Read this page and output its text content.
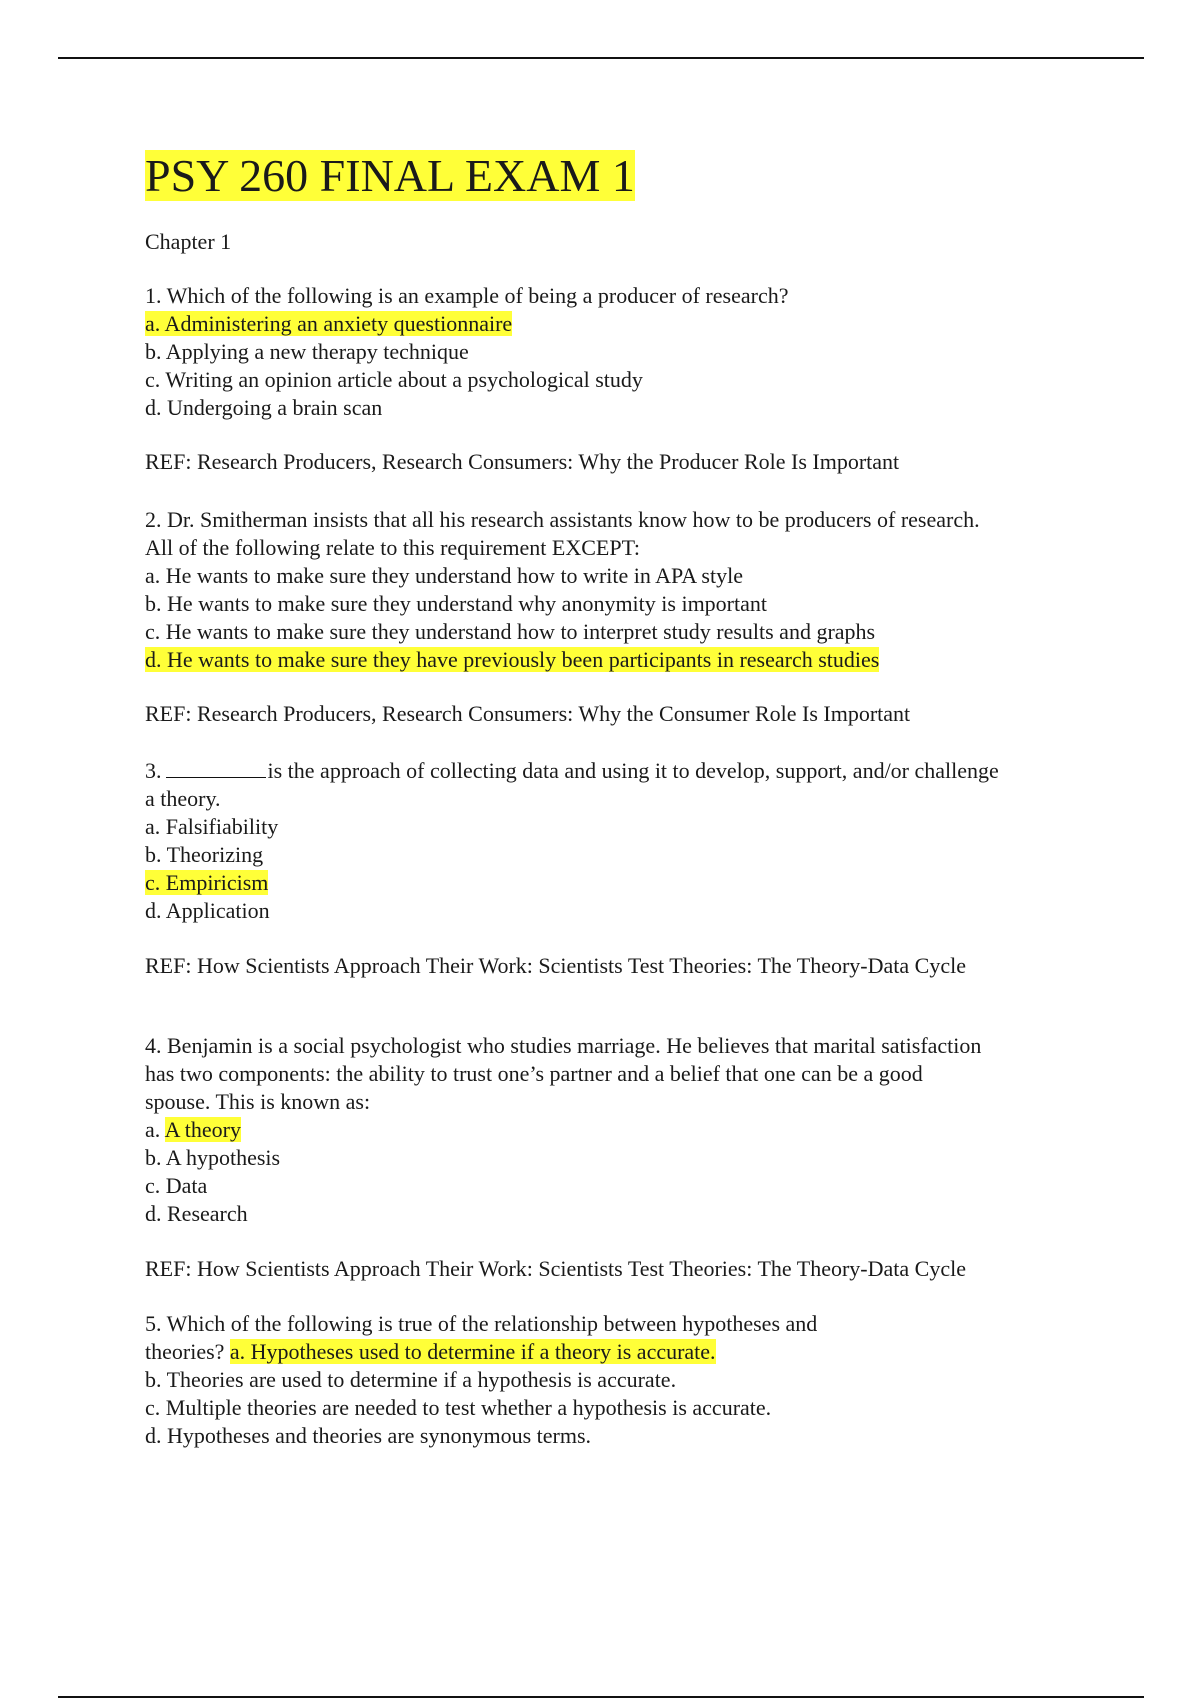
PSY 260 FINAL EXAM 1
Chapter 1
1. Which of the following is an example of being a producer of research?
a. Administering an anxiety questionnaire
b. Applying a new therapy technique
c. Writing an opinion article about a psychological study
d. Undergoing a brain scan
REF: Research Producers, Research Consumers: Why the Producer Role Is Important
2. Dr. Smitherman insists that all his research assistants know how to be producers of research.
All of the following relate to this requirement EXCEPT:
a. He wants to make sure they understand how to write in APA style
b. He wants to make sure they understand why anonymity is important
c. He wants to make sure they understand how to interpret study results and graphs
d. He wants to make sure they have previously been participants in research studies
REF: Research Producers, Research Consumers: Why the Consumer Role Is Important
3.	is the approach of collecting data and using it to develop, support, and/or challenge
a theory.
a. Falsifiability
b. Theorizing
c. Empiricism
d. Application
REF: How Scientists Approach Their Work: Scientists Test Theories: The Theory-Data Cycle
4. Benjamin is a social psychologist who studies marriage. He believes that marital satisfaction
has two components: the ability to trust one’s partner and a belief that one can be a good
spouse. This is known as:
a. A theory
b. A hypothesis
c. Data
d. Research
REF: How Scientists Approach Their Work: Scientists Test Theories: The Theory-Data Cycle
5. Which of the following is true of the relationship between hypotheses and
theories? a. Hypotheses used to determine if a theory is accurate.
b. Theories are used to determine if a hypothesis is accurate.
c. Multiple theories are needed to test whether a hypothesis is accurate.
d. Hypotheses and theories are synonymous terms.
